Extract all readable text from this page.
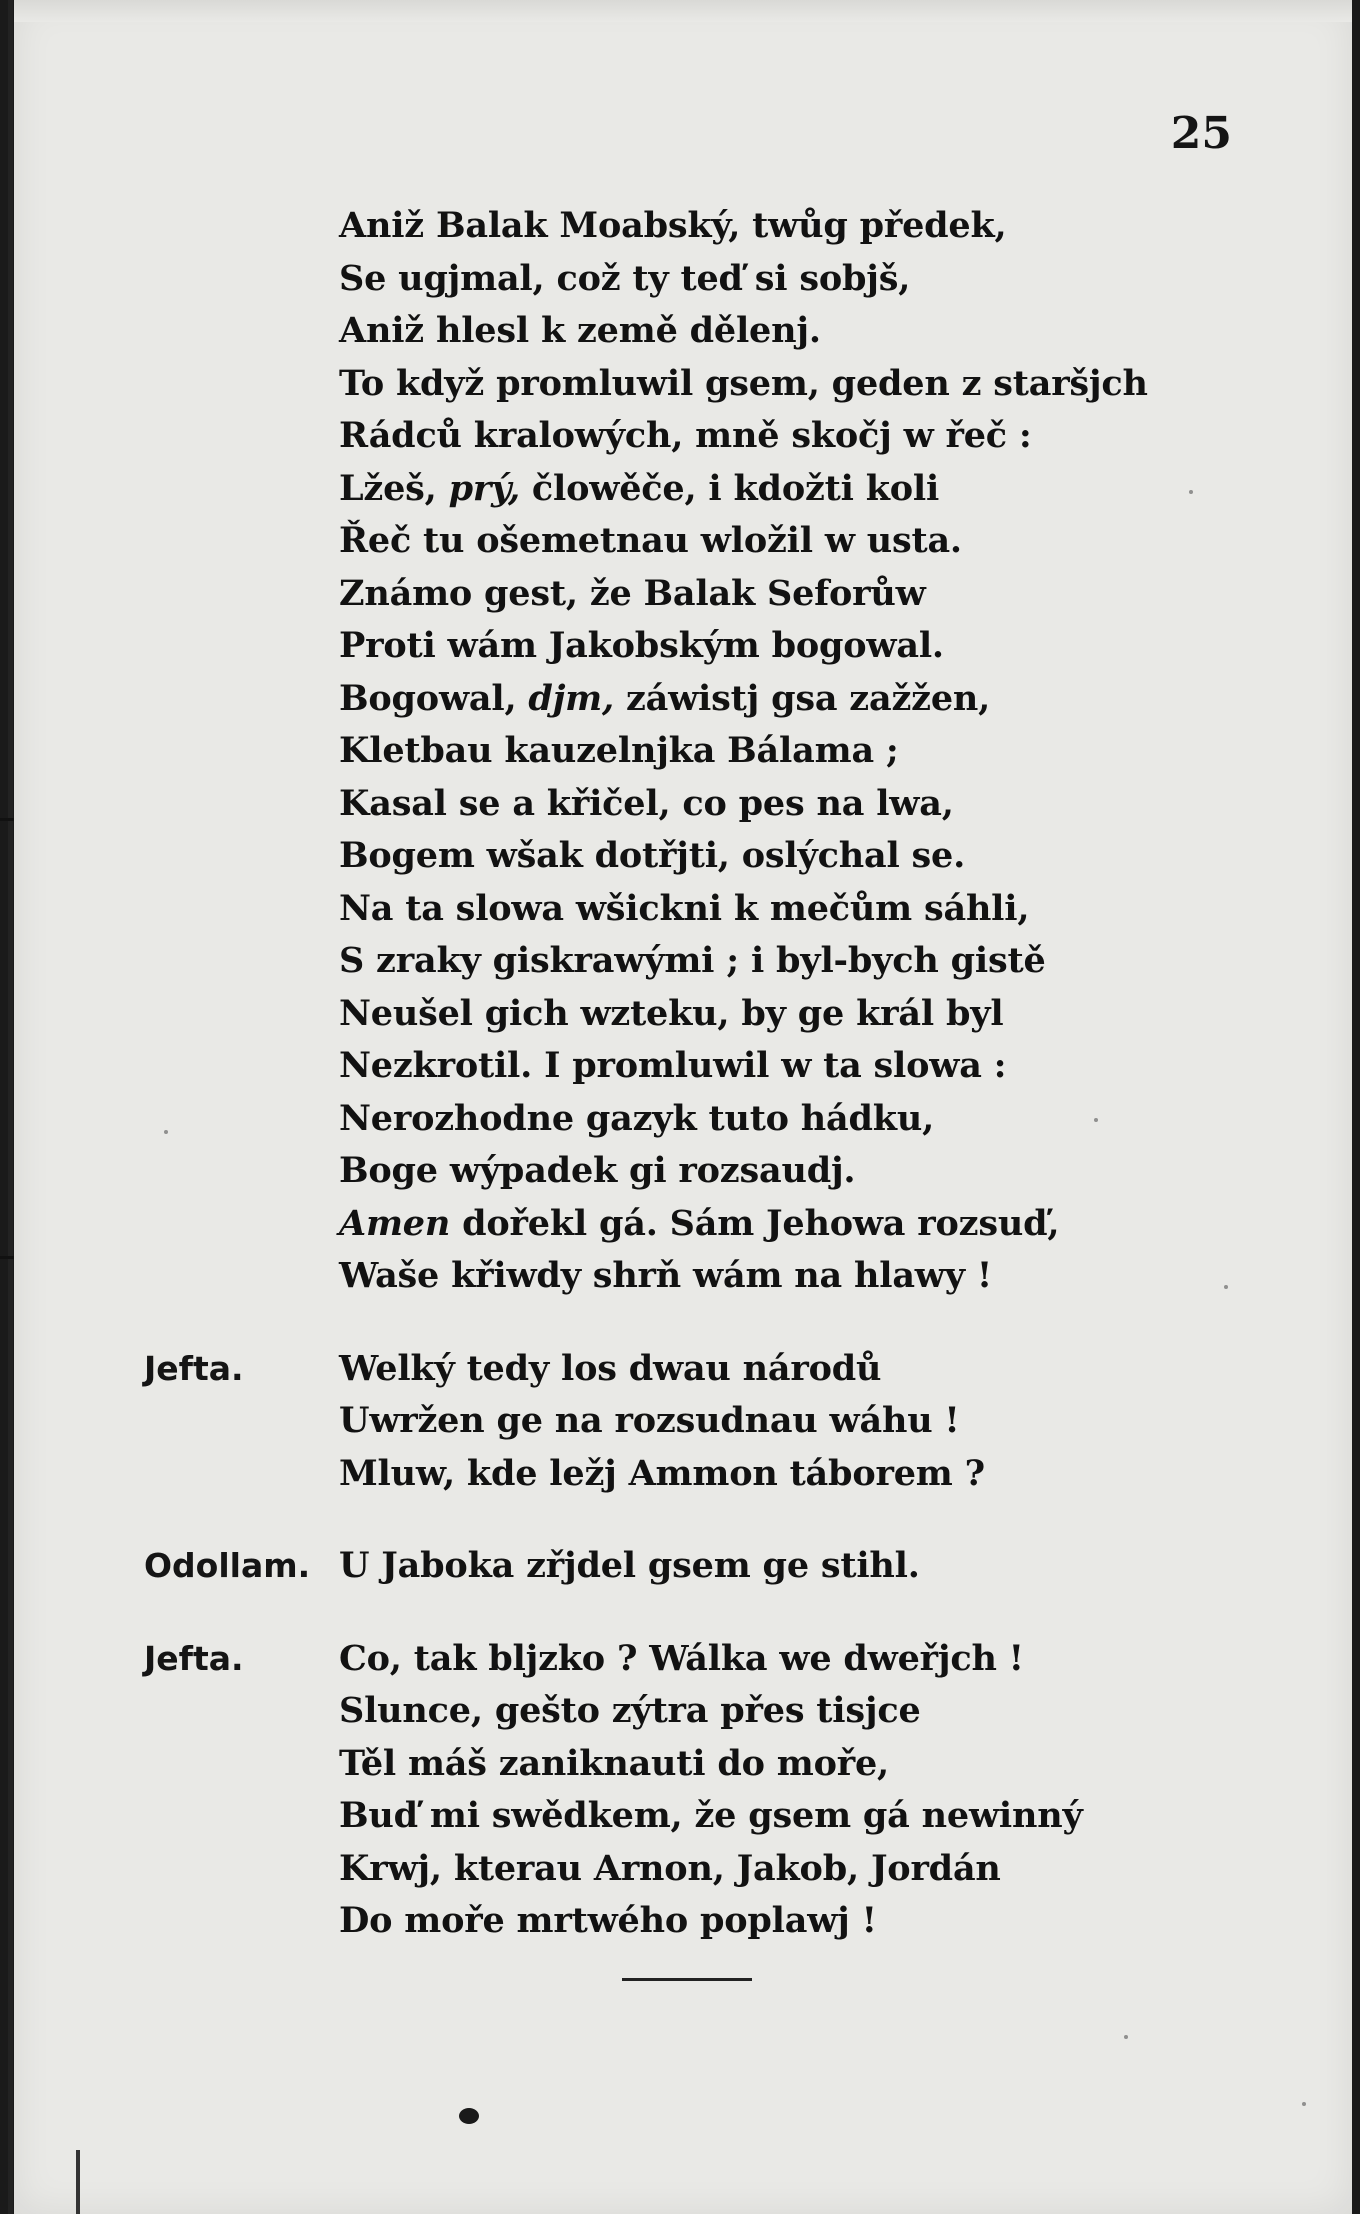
25

Aniž Balak Moabský, twůg předek,
Se ugjmal, což ty teď si sobjš,
Aniž hlesl k země dělenj.
To když promluwil gsem, geden z staršjch
Rádců kralowých, mně skočj w řeč :
Lžeš, prý, člowěče, i kdožti koli
Řeč tu ošemetnau wložil w usta.
Známo gest, že Balak Seforůw
Proti wám Jakobským bogowal.
Bogowal, djm, záwistj gsa zažžen,
Kletbau kauzelnjka Bálama ;
Kasal se a křičel, co pes na lwa,
Bogem wšak dotřjti, oslýchal se.
Na ta slowa wšickni k mečům sáhli,
S zraky giskrawými ; i byl-bych gistě
Neušel gich wzteku, by ge král byl
Nezkrotil. I promluwil w ta slowa :
Nerozhodne gazyk tuto hádku,
Boge wýpadek gi rozsaudj.
Amen dořekl gá. Sám Jehowa rozsuď,
Waše křiwdy shrň wám na hlawy !
Jefta.	Welký tedy los dwau národů
Uwržen ge na rozsudnau wáhu !
Mluw, kde ležj Ammon táborem ?
Odollam. U Jaboka zřjdel gsem ge stihl.
Jefta.	Co, tak bljzko ? Wálka we dweřjch !
Slunce, gešto zýtra přes tisjce
Těl máš zaniknauti do moře,
Buď mi swědkem, že gsem gá newinný
Krwj, kterau Arnon, Jakob, Jordán
Do moře mrtwého poplawj !
